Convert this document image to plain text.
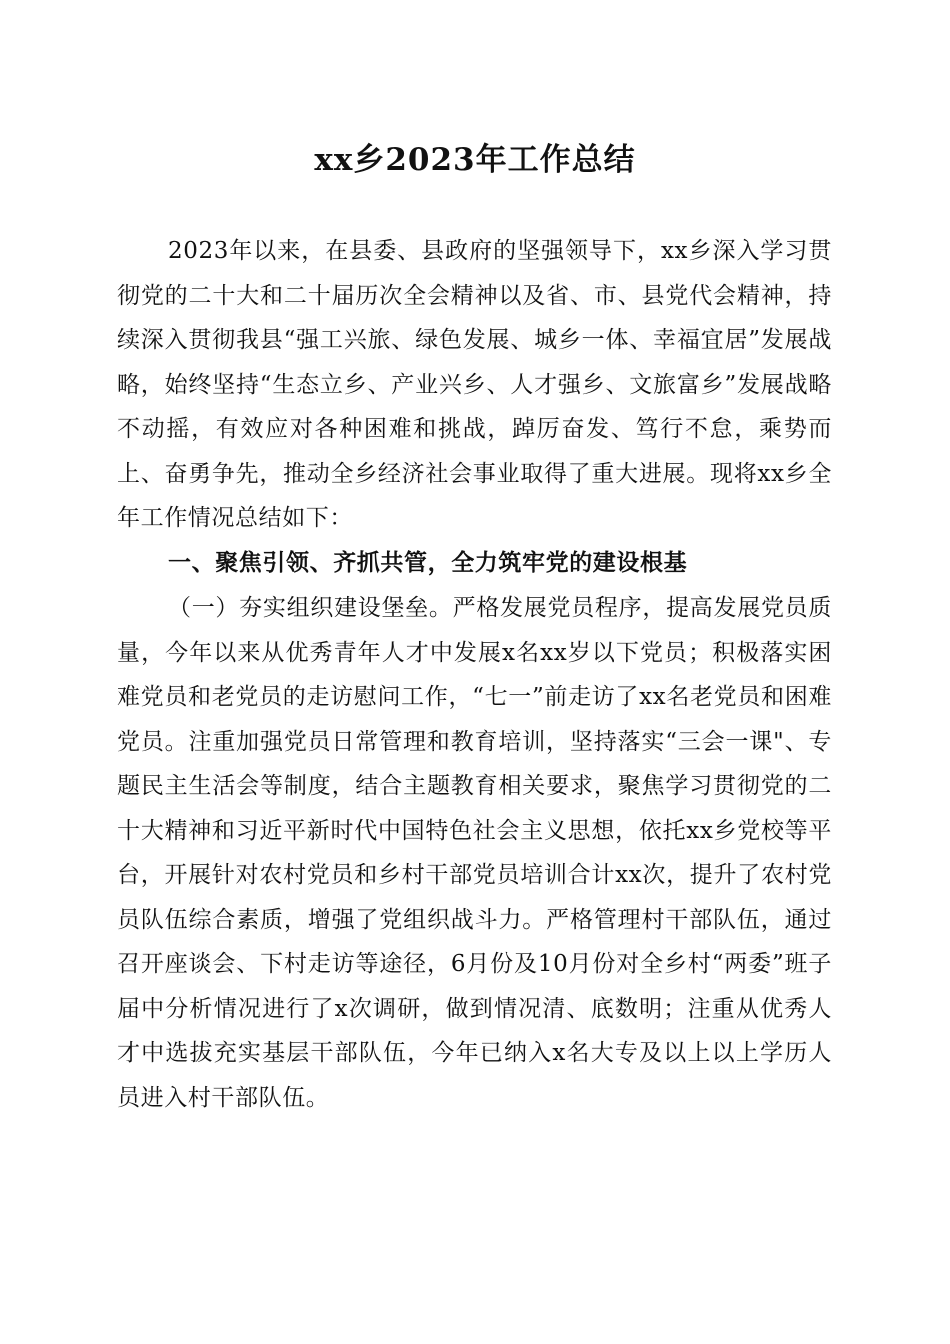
xx乡2023年工作总结

2023年以来，在县委、县政府的坚强领导下，xx乡深入学习贯彻党的二十大和二十届历次全会精神以及省、市、县党代会精神，持续深入贯彻我县“强工兴旅、绿色发展、城乡一体、幸福宜居”发展战略，始终坚持“生态立乡、产业兴乡、人才强乡、文旅富乡”发展战略不动摇，有效应对各种困难和挑战，踔厉奋发、笃行不怠，乘势而上、奋勇争先，推动全乡经济社会事业取得了重大进展。现将xx乡全年工作情况总结如下：

一、聚焦引领、齐抓共管，全力筑牢党的建设根基

（一）夯实组织建设堡垒。严格发展党员程序，提高发展党员质量，今年以来从优秀青年人才中发展x名xx岁以下党员；积极落实困难党员和老党员的走访慰问工作，“七一”前走访了xx名老党员和困难党员。注重加强党员日常管理和教育培训，坚持落实“三会一课"、专题民主生活会等制度，结合主题教育相关要求，聚焦学习贯彻党的二十大精神和习近平新时代中国特色社会主义思想，依托xx乡党校等平台，开展针对农村党员和乡村干部党员培训合计xx次，提升了农村党员队伍综合素质，增强了党组织战斗力。严格管理村干部队伍，通过召开座谈会、下村走访等途径，6月份及10月份对全乡村“两委”班子届中分析情况进行了x次调研，做到情况清、底数明；注重从优秀人才中选拔充实基层干部队伍，今年已纳入x名大专及以上以上学历人员进入村干部队伍。
